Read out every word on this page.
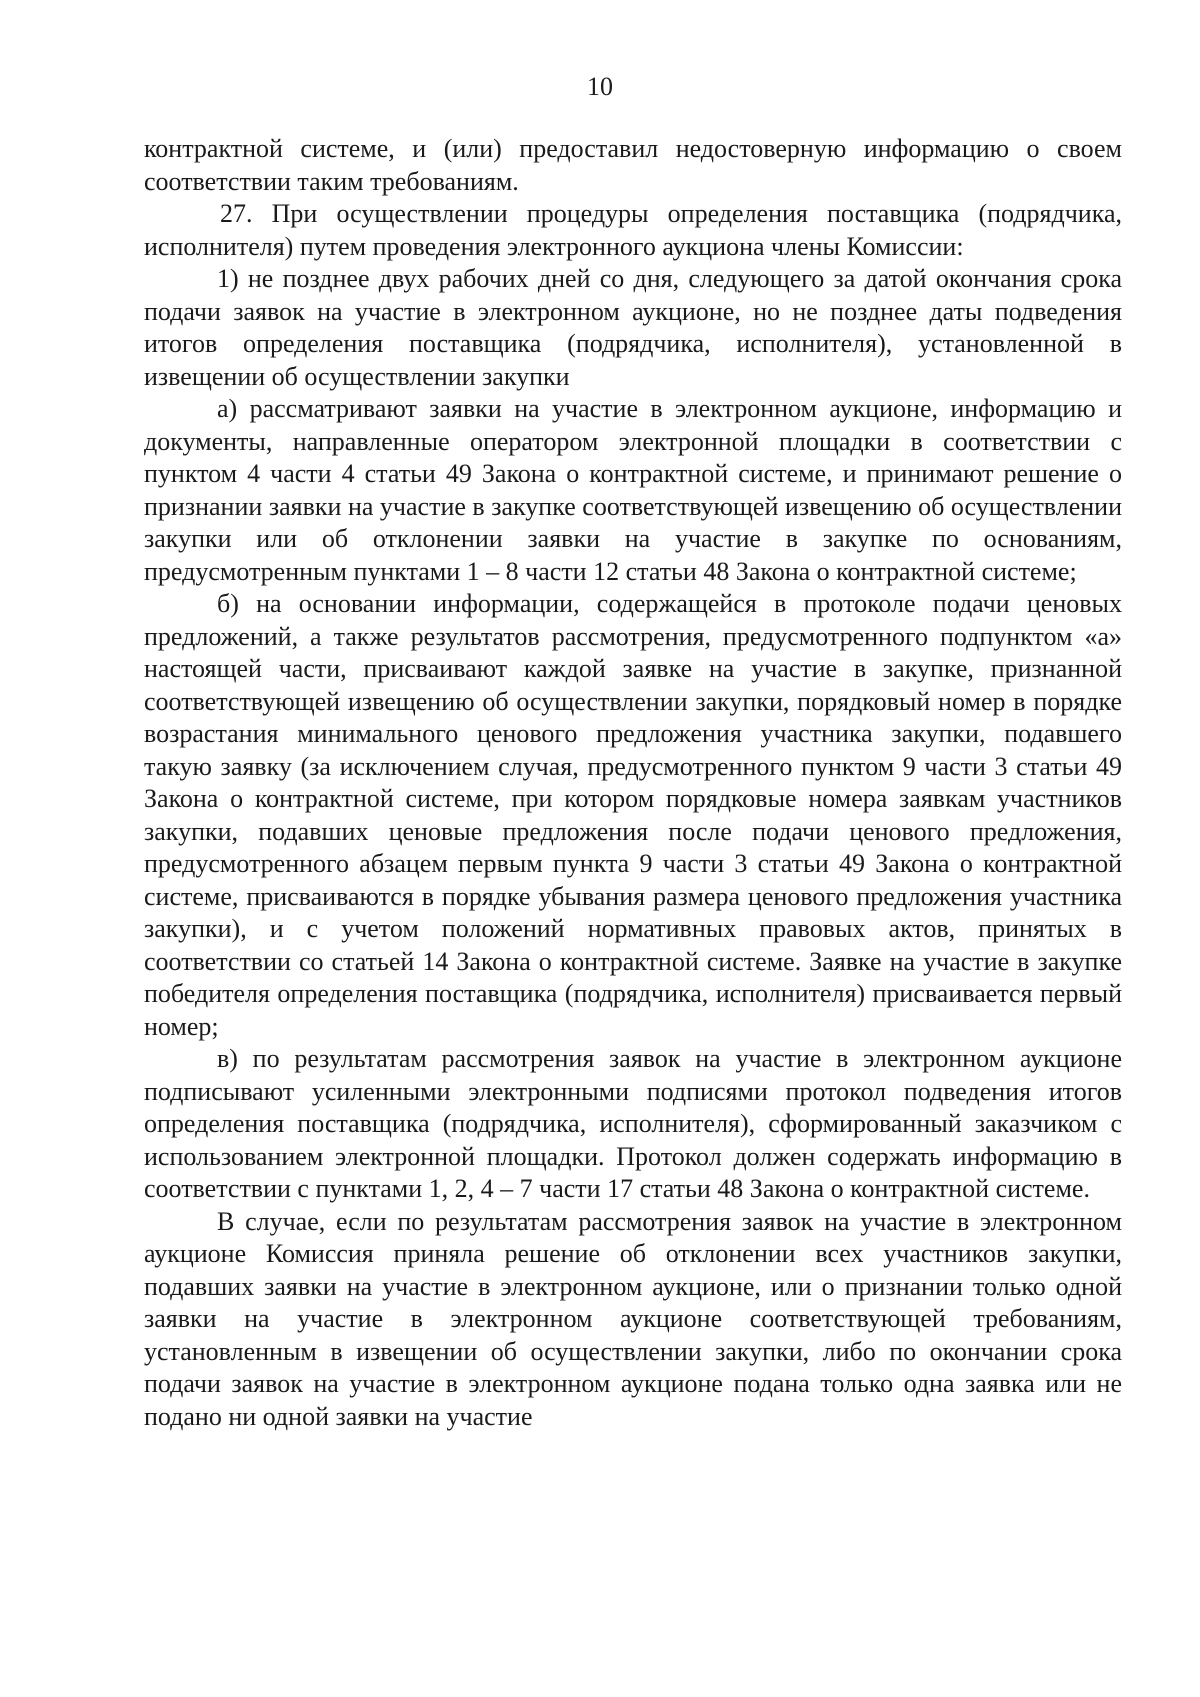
10

контрактной системе, и (или) предоставил недостоверную информацию о своем соответствии таким требованиям.

27. При осуществлении процедуры определения поставщика (подрядчика, исполнителя) путем проведения электронного аукциона члены Комиссии:

1) не позднее двух рабочих дней со дня, следующего за датой окончания срока подачи заявок на участие в электронном аукционе, но не позднее даты подведения итогов определения поставщика (подрядчика, исполнителя), установленной в извещении об осуществлении закупки

а) рассматривают заявки на участие в электронном аукционе, информацию и документы, направленные оператором электронной площадки в соответствии с пунктом 4 части 4 статьи 49 Закона о контрактной системе, и принимают решение о признании заявки на участие в закупке соответствующей извещению об осуществлении закупки или об отклонении заявки на участие в закупке по основаниям, предусмотренным пунктами 1 – 8 части 12 статьи 48 Закона о контрактной системе;

б) на основании информации, содержащейся в протоколе подачи ценовых предложений, а также результатов рассмотрения, предусмотренного подпунктом «а» настоящей части, присваивают каждой заявке на участие в закупке, признанной соответствующей извещению об осуществлении закупки, порядковый номер в порядке возрастания минимального ценового предложения участника закупки, подавшего такую заявку (за исключением случая, предусмотренного пунктом 9 части 3 статьи 49 Закона о контрактной системе, при котором порядковые номера заявкам участников закупки, подавших ценовые предложения после подачи ценового предложения, предусмотренного абзацем первым пункта 9 части 3 статьи 49 Закона о контрактной системе, присваиваются в порядке убывания размера ценового предложения участника закупки), и с учетом положений нормативных правовых актов, принятых в соответствии со статьей 14 Закона о контрактной системе. Заявке на участие в закупке победителя определения поставщика (подрядчика, исполнителя) присваивается первый номер;

в) по результатам рассмотрения заявок на участие в электронном аукционе подписывают усиленными электронными подписями протокол подведения итогов определения поставщика (подрядчика, исполнителя), сформированный заказчиком с использованием электронной площадки. Протокол должен содержать информацию в соответствии с пунктами 1, 2, 4 – 7 части 17 статьи 48 Закона о контрактной системе.

В случае, если по результатам рассмотрения заявок на участие в электронном аукционе Комиссия приняла решение об отклонении всех участников закупки, подавших заявки на участие в электронном аукционе, или о признании только одной заявки на участие в электронном аукционе соответствующей требованиям, установленным в извещении об осуществлении закупки, либо по окончании срока подачи заявок на участие в электронном аукционе подана только одна заявка или не подано ни одной заявки на участие
